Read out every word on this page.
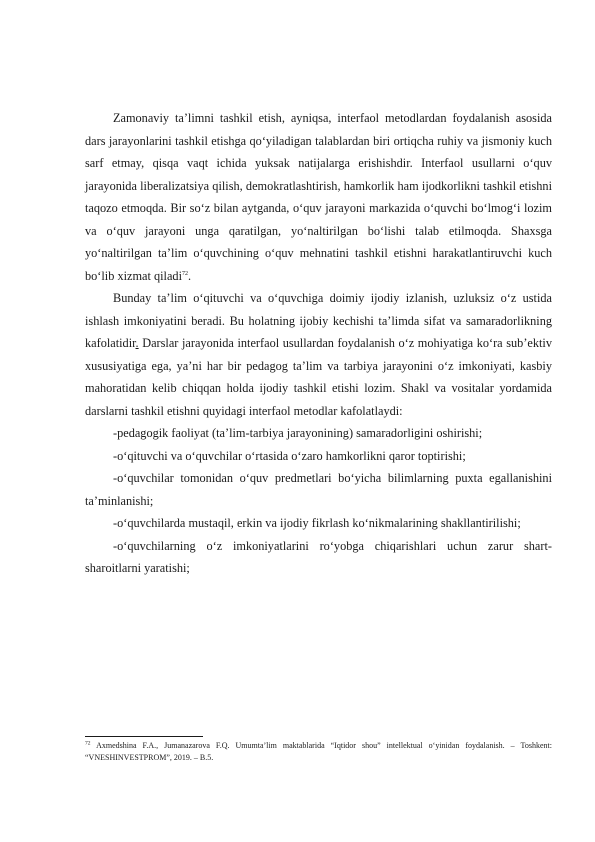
Zamonaviy ta’limni tashkil etish, ayniqsa, interfaol metodlardan foydalanish asosida dars jarayonlarini tashkil etishga qo‘yiladigan talablardan biri ortiqcha ruhiy va jismoniy kuch sarf etmay, qisqa vaqt ichida yuksak natijalarga erishishdir. Interfaol usullarni o‘quv jarayonida liberalizatsiya qilish, demokratlashtirish, hamkorlik ham ijodkorlikni tashkil etishni taqozo etmoqda. Bir so‘z bilan aytganda, o‘quv jarayoni markazida o‘quvchi bo‘lmog‘i lozim va o‘quv jarayoni unga qaratilgan, yo‘naltirilgan bo‘lishi talab etilmoqda. Shaxsga yo‘naltirilgan ta’lim o‘quvchining o‘quv mehnatini tashkil etishni harakatlantiruvchi kuch bo‘lib xizmat qiladi$^{72}$.

Bunday ta’lim o‘qituvchi va o‘quvchiga doimiy ijodiy izlanish, uzluksiz o‘z ustida ishlash imkoniyatini beradi. Bu holatning ijobiy kechishi ta’limda sifat va samaradorlikning kafolatidir. Darslar jarayonida interfaol usullardan foydalanish o‘z mohiyatiga ko‘ra sub’ektiv xususiyatiga ega, ya’ni har bir pedagog ta’lim va tarbiya jarayonini o‘z imkoniyati, kasbiy mahoratidan kelib chiqqan holda ijodiy tashkil etishi lozim. Shakl va vositalar yordamida darslarni tashkil etishni quyidagi interfaol metodlar kafolatlaydi:

-pedagogik faoliyat (ta’lim-tarbiya jarayonining) samaradorligini oshirishi;

-o‘qituvchi va o‘quvchilar o‘rtasida o‘zaro hamkorlikni qaror toptirishi;

-o‘quvchilar tomonidan o‘quv predmetlari bo‘yicha bilimlarning puxta egallanishini ta’minlanishi;

-o‘quvchilarda mustaqil, erkin va ijodiy fikrlash ko‘nikmalarining shakllantirilishi;

-o‘quvchilarning o‘z imkoniyatlarini ro‘yobga chiqarishlari uchun zarur shart-sharoitlarni yaratishi;

$^{72}$ Axmedshina F.A., Jumanazarova F.Q. Umumta’lim maktablarida “Iqtidor shou” intellektual o‘yinidan foydalanish. – Toshkent: “VNESHINVESTPROM”, 2019. – B.5.
